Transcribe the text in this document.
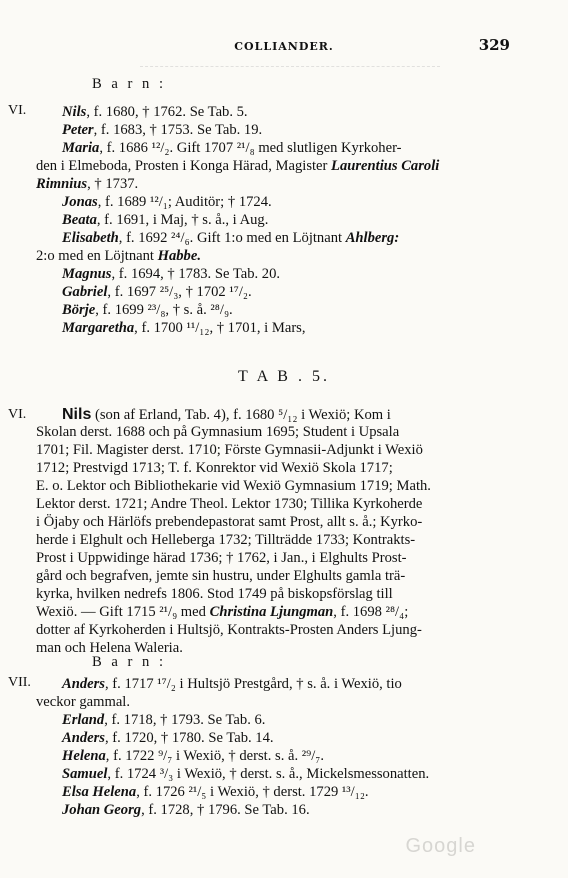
COLLIANDER.	329
B a r n :
VI. Nils, f. 1680, † 1762. Se Tab. 5.
Peter, f. 1683, † 1753. Se Tab. 19.
Maria, f. 1686 ¹²/₂. Gift 1707 ²¹/₈ med slutligen Kyrkoher-
den i Elmeboda, Prosten i Konga Härad, Magister Laurentius Caroli
Rimnius, † 1737.
Jonas, f. 1689 ¹²/₁; Auditör; † 1724.
Beata, f. 1691, i Maj, † s. å., i Aug.
Elisabeth, f. 1692 ²⁴/₆. Gift 1:o med en Löjtnant Ahlberg:
2:o med en Löjtnant Habbe.
Magnus, f. 1694, † 1783. Se Tab. 20.
Gabriel, f. 1697 ²⁵/₃, † 1702 ¹⁷/₂.
Börje, f. 1699 ²³/₈, † s. å. ²⁸/₉.
Margaretha, f. 1700 ¹¹/₁₂, † 1701, i Mars,
T A B . 5.
VI. Nils (son af Erland, Tab. 4), f. 1680 ⁵/₁₂ i Wexiö; Kom i
Skolan derst. 1688 och på Gymnasium 1695; Student i Upsala
1701; Fil. Magister derst. 1710; Förste Gymnasii-Adjunkt i Wexiö
1712; Prestvigd 1713; T. f. Konrektor vid Wexiö Skola 1717;
E. o. Lektor och Bibliothekarie vid Wexiö Gymnasium 1719; Math.
Lektor derst. 1721; Andre Theol. Lektor 1730; Tillika Kyrkoherde
i Öjaby och Härlöfs prebendepastorat samt Prost, allt s. å.; Kyrko-
herde i Elghult och Helleberga 1732; Tillträdde 1733; Kontrakts-
Prost i Uppwidinge härad 1736; † 1762, i Jan., i Elghults Prost-
gård och begrafven, jemte sin hustru, under Elghults gamla trä-
kyrka, hvilken nedrefs 1806. Stod 1749 på biskopsförslag till
Wexiö. — Gift 1715 ²¹/₉ med Christina Ljungman, f. 1698 ²⁸/₄;
dotter af Kyrkoherden i Hultsjö, Kontrakts-Prosten Anders Ljung-
man och Helena Waleria.
B a r n :
VII. Anders, f. 1717 ¹⁷/₂ i Hultsjö Prestgård, † s. å. i Wexiö, tio
veckor gammal.
Erland, f. 1718, † 1793. Se Tab. 6.
Anders, f. 1720, † 1780. Se Tab. 14.
Helena, f. 1722 ⁹/₇ i Wexiö, † derst. s. å. ²⁹/₇.
Samuel, f. 1724 ³/₃ i Wexiö, † derst. s. å., Mickelsmessonatten.
Elsa Helena, f. 1726 ²¹/₅ i Wexiö, † derst. 1729 ¹³/₁₂.
Johan Georg, f. 1728, † 1796. Se Tab. 16.
Google
